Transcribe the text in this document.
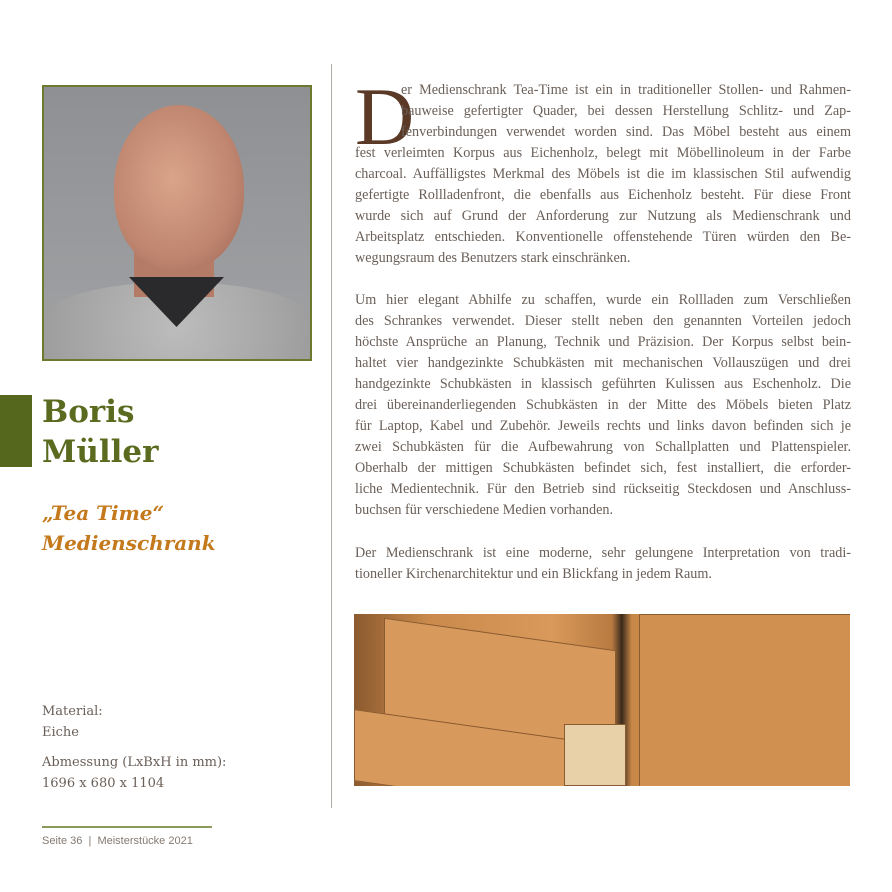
Boris
Müller
„Tea Time“
Medienschrank
Material:
Eiche
Abmessung (LxBxH in mm):
1696 x 680 x 1104
D
er Medienschrank Tea-Time ist ein in traditioneller Stollen- und Rahmen-
bauweise gefertigter Quader, bei dessen Herstellung Schlitz- und Zap-
fenverbindungen verwendet worden sind. Das Möbel besteht aus einem
fest verleimten Korpus aus Eichenholz, belegt mit Möbellinoleum in der Farbe
charcoal. Auffälligstes Merkmal des Möbels ist die im klassischen Stil aufwendig
gefertigte Rollladenfront, die ebenfalls aus Eichenholz besteht. Für diese Front
wurde sich auf Grund der Anforderung zur Nutzung als Medienschrank und
Arbeitsplatz entschieden. Konventionelle offenstehende Türen würden den Be-
wegungsraum des Benutzers stark einschränken.
Um hier elegant Abhilfe zu schaffen, wurde ein Rollladen zum Verschließen
des Schrankes verwendet. Dieser stellt neben den genannten Vorteilen jedoch
höchste Ansprüche an Planung, Technik und Präzision. Der Korpus selbst bein-
haltet vier handgezinkte Schubkästen mit mechanischen Vollauszügen und drei
handgezinkte Schubkästen in klassisch geführten Kulissen aus Eschenholz. Die
drei übereinanderliegenden Schubkästen in der Mitte des Möbels bieten Platz
für Laptop, Kabel und Zubehör. Jeweils rechts und links davon befinden sich je
zwei Schubkästen für die Aufbewahrung von Schallplatten und Plattenspieler.
Oberhalb der mittigen Schubkästen befindet sich, fest installiert, die erforder-
liche Medientechnik. Für den Betrieb sind rückseitig Steckdosen und Anschluss-
buchsen für verschiedene Medien vorhanden.
Der Medienschrank ist eine moderne, sehr gelungene Interpretation von tradi-
tioneller Kirchenarchitektur und ein Blickfang in jedem Raum.
Seite 36  |  Meisterstücke 2021
